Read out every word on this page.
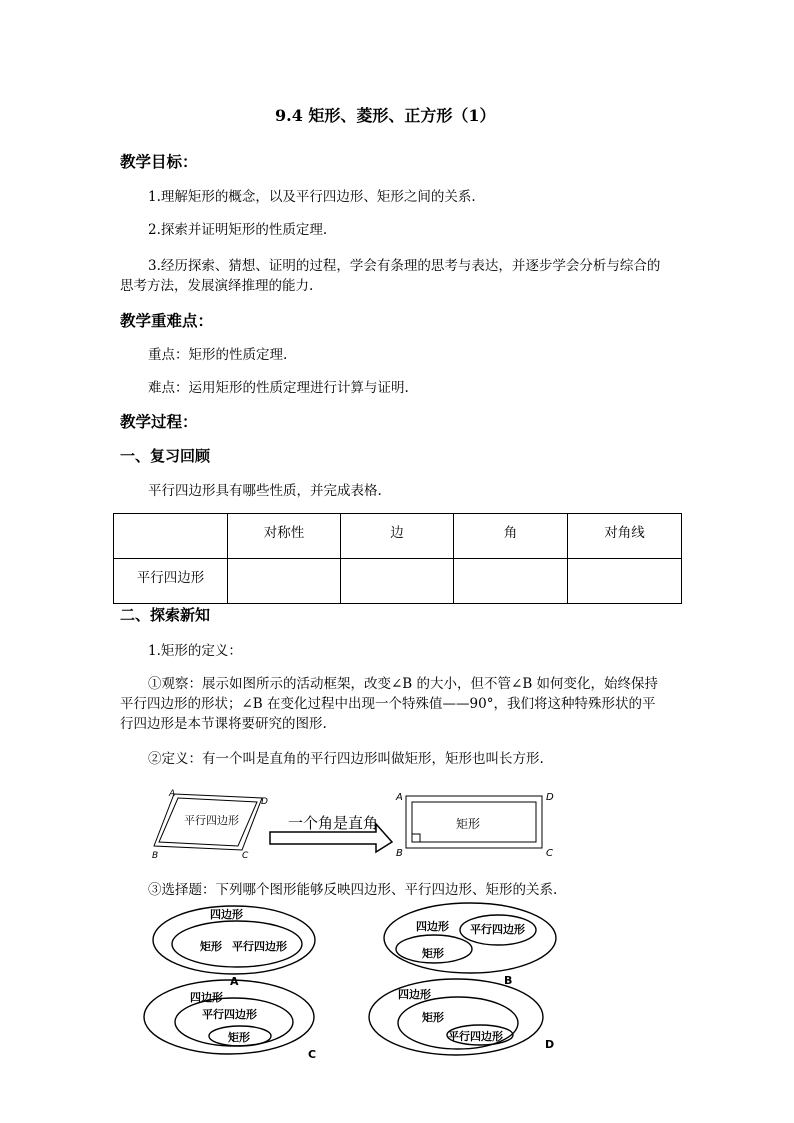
9.4 矩形、菱形、正方形（1）
教学目标：
1.理解矩形的概念，以及平行四边形、矩形之间的关系.
2.探索并证明矩形的性质定理.
3.经历探索、猜想、证明的过程，学会有条理的思考与表达，并逐步学会分析与综合的
思考方法，发展演绎推理的能力.
教学重难点：
重点：矩形的性质定理.
难点：运用矩形的性质定理进行计算与证明.
教学过程：
一、复习回顾
平行四边形具有哪些性质，并完成表格.
	对称性	边	角	对角线
平行四边形				
二、探索新知
1.矩形的定义：
①观察：展示如图所示的活动框架，改变∠B 的大小，但不管∠B 如何变化，始终保持
平行四边形的形状；∠B 在变化过程中出现一个特殊值——90°，我们将这种特殊形状的平
行四边形是本节课将要研究的图形.
②定义：有一个叫是直角的平行四边形叫做矩形，矩形也叫长方形.
平行四边形
A
D
B	C
一个角是直角	矩形
A	D
B	C
③选择题：下列哪个图形能够反映四边形、平行四边形、矩形的关系.
四边形
矩形 平行四边形
A
四边形 平行四边形
矩形
B
四边形
平行四边形
矩形
C
四边形
矩形
平行四边形
D
